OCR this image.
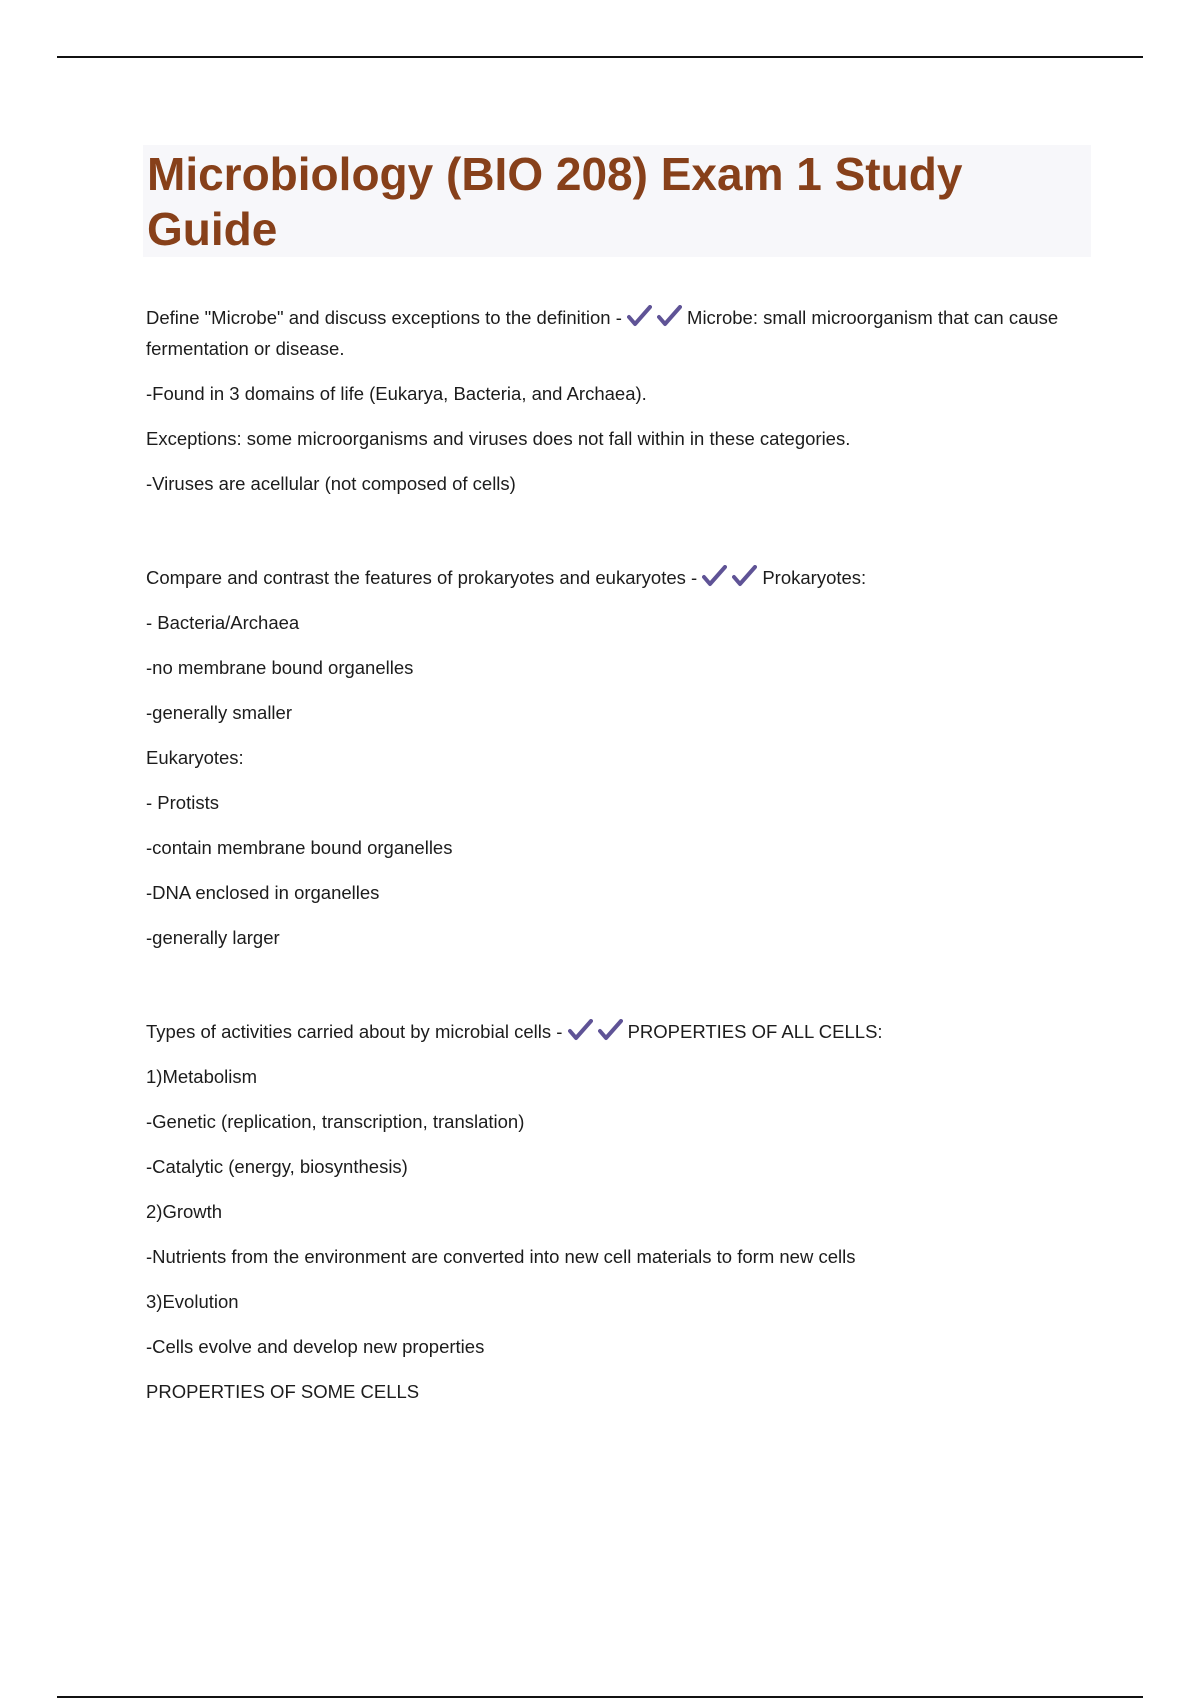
Microbiology (BIO 208) Exam 1 Study Guide

Define "Microbe" and discuss exceptions to the definition -	Microbe: small microorganism that can cause fermentation or disease.

-Found in 3 domains of life (Eukarya, Bacteria, and Archaea).

Exceptions: some microorganisms and viruses does not fall within in these categories.

-Viruses are acellular (not composed of cells)

Compare and contrast the features of prokaryotes and eukaryotes -	Prokaryotes:

- Bacteria/Archaea

-no membrane bound organelles

-generally smaller

Eukaryotes:

- Protists

-contain membrane bound organelles

-DNA enclosed in organelles

-generally larger

Types of activities carried about by microbial cells -	PROPERTIES OF ALL CELLS:

1)Metabolism

-Genetic (replication, transcription, translation)

-Catalytic (energy, biosynthesis)

2)Growth

-Nutrients from the environment are converted into new cell materials to form new cells

3)Evolution

-Cells evolve and develop new properties

PROPERTIES OF SOME CELLS
